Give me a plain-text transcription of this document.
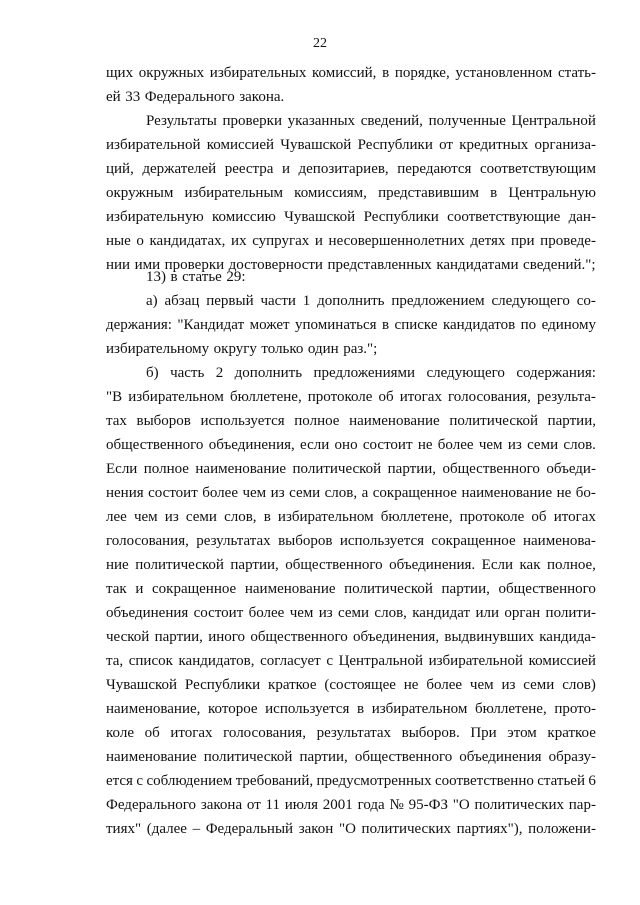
22
щих окружных избирательных комиссий, в порядке, установленном стать-
ей 33 Федерального закона.
Результаты проверки указанных сведений, полученные Центральной
избирательной комиссией Чувашской Республики от кредитных организа-
ций, держателей реестра и депозитариев, передаются соответствующим
окружным избирательным комиссиям, представившим в Центральную
избирательную комиссию Чувашской Республики соответствующие дан-
ные о кандидатах, их супругах и несовершеннолетних детях при проведе-
нии ими проверки достоверности представленных кандидатами сведений.";
13) в статье 29:
а) абзац первый части 1 дополнить предложением следующего со-
держания: "Кандидат может упоминаться в списке кандидатов по единому
избирательному округу только один раз.";
б) часть 2 дополнить предложениями следующего содержания:
"В избирательном бюллетене, протоколе об итогах голосования, результа-
тах выборов используется полное наименование политической партии,
общественного объединения, если оно состоит не более чем из семи слов.
Если полное наименование политической партии, общественного объеди-
нения состоит более чем из семи слов, а сокращенное наименование не бо-
лее чем из семи слов, в избирательном бюллетене, протоколе об итогах
голосования, результатах выборов используется сокращенное наименова-
ние политической партии, общественного объединения. Если как полное,
так и сокращенное наименование политической партии, общественного
объединения состоит более чем из семи слов, кандидат или орган полити-
ческой партии, иного общественного объединения, выдвинувших кандида-
та, список кандидатов, согласует с Центральной избирательной комиссией
Чувашской Республики краткое (состоящее не более чем из семи слов)
наименование, которое используется в избирательном бюллетене, прото-
коле об итогах голосования, результатах выборов. При этом краткое
наименование политической партии, общественного объединения образу-
ется с соблюдением требований, предусмотренных соответственно статьей 6
Федерального закона от 11 июля 2001 года № 95-ФЗ "О политических пар-
тиях" (далее – Федеральный закон "О политических партиях"), положени-
